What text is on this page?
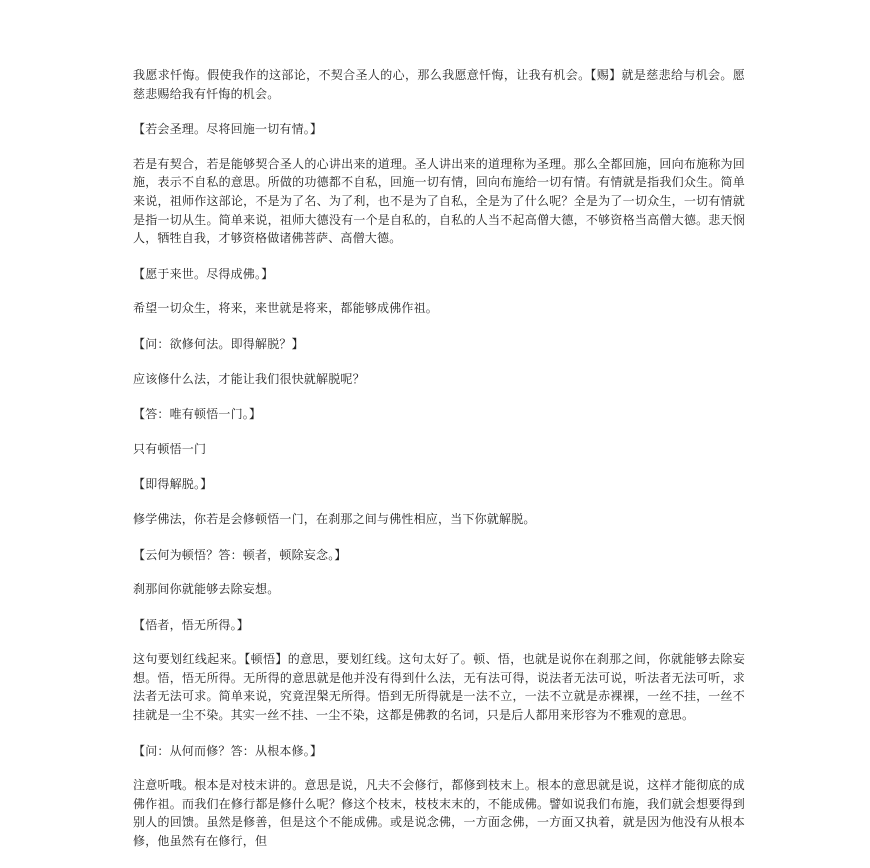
我愿求忏悔。假使我作的这部论，不契合圣人的心，那么我愿意忏悔，让我有机会。【赐】就是慈悲给与机会。愿慈悲赐给我有忏悔的机会。

【若会圣理。尽将回施一切有情。】

若是有契合，若是能够契合圣人的心讲出来的道理。圣人讲出来的道理称为圣理。那么全都回施，回向布施称为回施，表示不自私的意思。所做的功德都不自私，回施一切有情，回向布施给一切有情。有情就是指我们众生。简单来说，祖师作这部论，不是为了名、为了利，也不是为了自私，全是为了什么呢？全是为了一切众生，一切有情就是指一切从生。简单来说，祖师大德没有一个是自私的，自私的人当不起高僧大德，不够资格当高僧大德。悲天悯人，牺牲自我，才够资格做诸佛菩萨、高僧大德。

【愿于来世。尽得成佛。】

希望一切众生，将来，来世就是将来，都能够成佛作祖。

【问：欲修何法。即得解脱？】

应该修什么法，才能让我们很快就解脱呢？

【答：唯有顿悟一门。】

只有顿悟一门

【即得解脱。】

修学佛法，你若是会修顿悟一门，在刹那之间与佛性相应，当下你就解脱。

【云何为顿悟？答：顿者，顿除妄念。】

刹那间你就能够去除妄想。

【悟者，悟无所得。】

这句要划红线起来。【顿悟】的意思，要划红线。这句太好了。顿、悟，也就是说你在刹那之间，你就能够去除妄想。悟，悟无所得。无所得的意思就是他并没有得到什么法，无有法可得，说法者无法可说，听法者无法可听，求法者无法可求。简单来说，究竟涅槃无所得。悟到无所得就是一法不立，一法不立就是赤裸裸，一丝不挂，一丝不挂就是一尘不染。其实一丝不挂、一尘不染，这都是佛教的名词，只是后人都用来形容为不雅观的意思。

【问：从何而修？答：从根本修。】

注意听哦。根本是对枝末讲的。意思是说，凡夫不会修行，都修到枝末上。根本的意思就是说，这样才能彻底的成佛作祖。而我们在修行都是修什么呢？修这个枝末，枝枝末末的，不能成佛。譬如说我们布施，我们就会想要得到别人的回馈。虽然是修善，但是这个不能成佛。或是说念佛，一方面念佛，一方面又执着，就是因为他没有从根本修，他虽然有在修行，但
